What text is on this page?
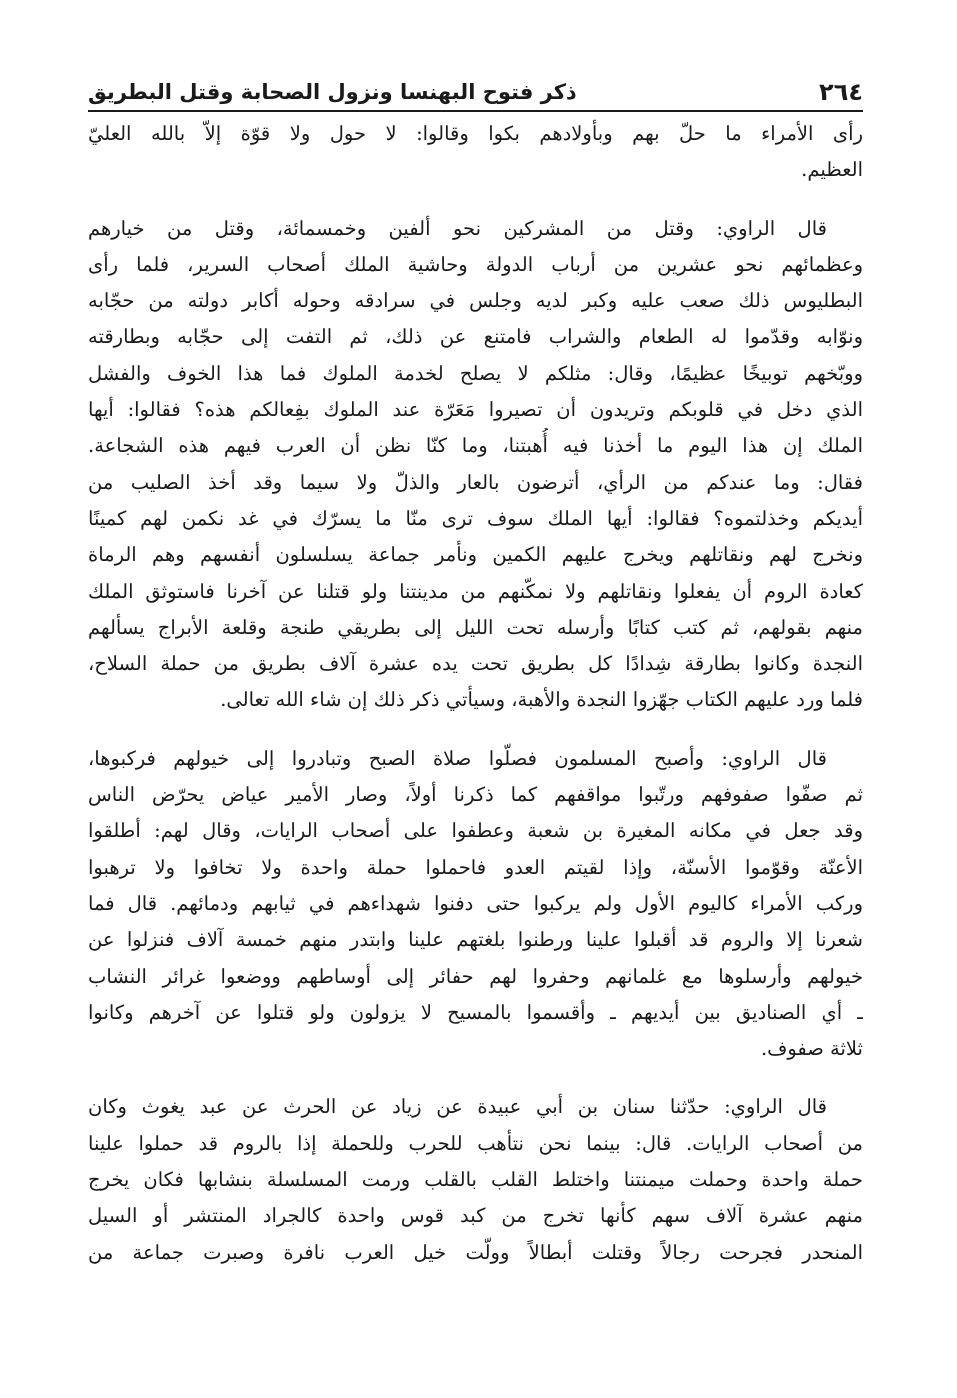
٢٦٤
ذكر فتوح البهنسا ونزول الصحابة وقتل البطريق

رأى الأمراء ما حلّ بهم وبأولادهم بكوا وقالوا: لا حول ولا قوّة إلاّ بالله العليّ
العظيم.

قال الراوي: وقتل من المشركين نحو ألفين وخمسمائة، وقتل من خيارهم
وعظمائهم نحو عشرين من أرباب الدولة وحاشية الملك أصحاب السرير، فلما رأى
البطليوس ذلك صعب عليه وكبر لديه وجلس في سرادقه وحوله أكابر دولته من حجّابه
ونوّابه وقدّموا له الطعام والشراب فامتنع عن ذلك، ثم التفت إلى حجّابه وبطارقته
ووبّخهم توبيخًا عظيمًا، وقال: مثلكم لا يصلح لخدمة الملوك فما هذا الخوف والفشل
الذي دخل في قلوبكم وتريدون أن تصيروا مَعَرّة عند الملوك بفِعالكم هذه؟ فقالوا: أيها
الملك إن هذا اليوم ما أخذنا فيه أُهبتنا، وما كنّا نظن أن العرب فيهم هذه الشجاعة.
فقال: وما عندكم من الرأي، أترضون بالعار والذلّ ولا سيما وقد أخذ الصليب من
أيديكم وخذلتموه؟ فقالوا: أيها الملك سوف ترى منّا ما يسرّك في غد نكمن لهم كمينًا
ونخرج لهم ونقاتلهم ويخرج عليهم الكمين ونأمر جماعة يسلسلون أنفسهم وهم الرماة
كعادة الروم أن يفعلوا ونقاتلهم ولا نمكّنهم من مدينتنا ولو قتلنا عن آخرنا فاستوثق الملك
منهم بقولهم، ثم كتب كتابًا وأرسله تحت الليل إلى بطريقي طنجة وقلعة الأبراج يسألهم
النجدة وكانوا بطارقة شِدادًا كل بطريق تحت يده عشرة آلاف بطريق من حملة السلاح،
فلما ورد عليهم الكتاب جهّزوا النجدة والأهبة، وسيأتي ذكر ذلك إن شاء الله تعالى.

قال الراوي: وأصبح المسلمون فصلّوا صلاة الصبح وتبادروا إلى خيولهم فركبوها،
ثم صفّوا صفوفهم ورتّبوا مواقفهم كما ذكرنا أولاً، وصار الأمير عياض يحرّض الناس
وقد جعل في مكانه المغيرة بن شعبة وعطفوا على أصحاب الرايات، وقال لهم: أطلقوا
الأعنّة وقوّموا الأسنّة، وإذا لقيتم العدو فاحملوا حملة واحدة ولا تخافوا ولا ترهبوا
وركب الأمراء كاليوم الأول ولم يركبوا حتى دفنوا شهداءهم في ثيابهم ودمائهم. قال فما
شعرنا إلا والروم قد أقبلوا علينا ورطنوا بلغتهم علينا وابتدر منهم خمسة آلاف فنزلوا عن
خيولهم وأرسلوها مع غلمانهم وحفروا لهم حفائر إلى أوساطهم ووضعوا غرائر النشاب
ـ أي الصناديق بين أيديهم ـ وأقسموا بالمسيح لا يزولون ولو قتلوا عن آخرهم وكانوا
ثلاثة صفوف.

قال الراوي: حدّثنا سنان بن أبي عبيدة عن زياد عن الحرث عن عبد يغوث وكان
من أصحاب الرايات. قال: بينما نحن نتأهب للحرب وللحملة إذا بالروم قد حملوا علينا
حملة واحدة وحملت ميمنتنا واختلط القلب بالقلب ورمت المسلسلة بنشابها فكان يخرج
منهم عشرة آلاف سهم كأنها تخرج من كبد قوس واحدة كالجراد المنتشر أو السيل
المنحدر فجرحت رجالاً وقتلت أبطالاً وولّت خيل العرب نافرة وصبرت جماعة من
